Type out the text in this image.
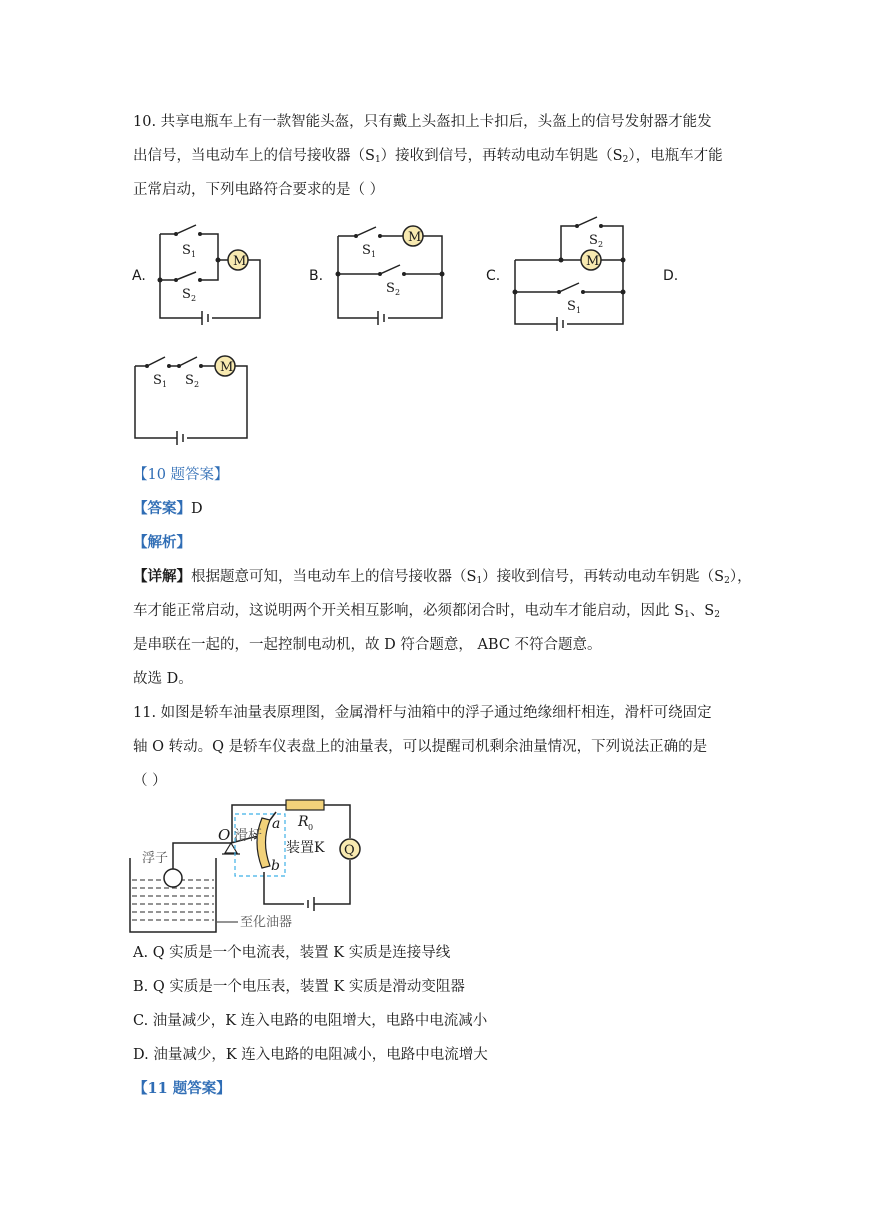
10. 共享电瓶车上有一款智能头盔，只有戴上头盔扣上卡扣后，头盔上的信号发射器才能发
出信号，当电动车上的信号接收器$(S_1)$接收到信号，再转动电动车钥匙$(S_2)$，电瓶车才能
正常启动，下列电路符合要求的是（ ）
A.	B.	C.	D.
M
S 1
S 2
M
S 1
S 2
M
S 2
S 1
M
S 1 S 2
【10 题答案】
【答案】D
【解析】
【详解】根据题意可知，当电动车上的信号接收器$(S_1)$接收到信号，再转动电动车钥匙$(S_2)$，
车才能正常启动，这说明两个开关相互影响，必须都闭合时，电动车才能启动，因此 $S_1$、$S_2$
是串联在一起的，一起控制电动机，故 D 符合题意， ABC 不符合题意。
故选 D。
11. 如图是轿车油量表原理图，金属滑杆与油箱中的浮子通过绝缘细杆相连，滑杆可绕固定
轴 O 转动。Q 是轿车仪表盘上的油量表，可以提醒司机剩余油量情况，下列说法正确的是
（ ）
O 滑杆
a
b
R 0
装置K Q
浮子
至化油器
A. Q 实质是一个电流表，装置 K 实质是连接导线
B. Q 实质是一个电压表，装置 K 实质是滑动变阻器
C. 油量减少，K 连入电路的电阻增大，电路中电流减小
D. 油量减少，K 连入电路的电阻减小，电路中电流增大
【11 题答案】
